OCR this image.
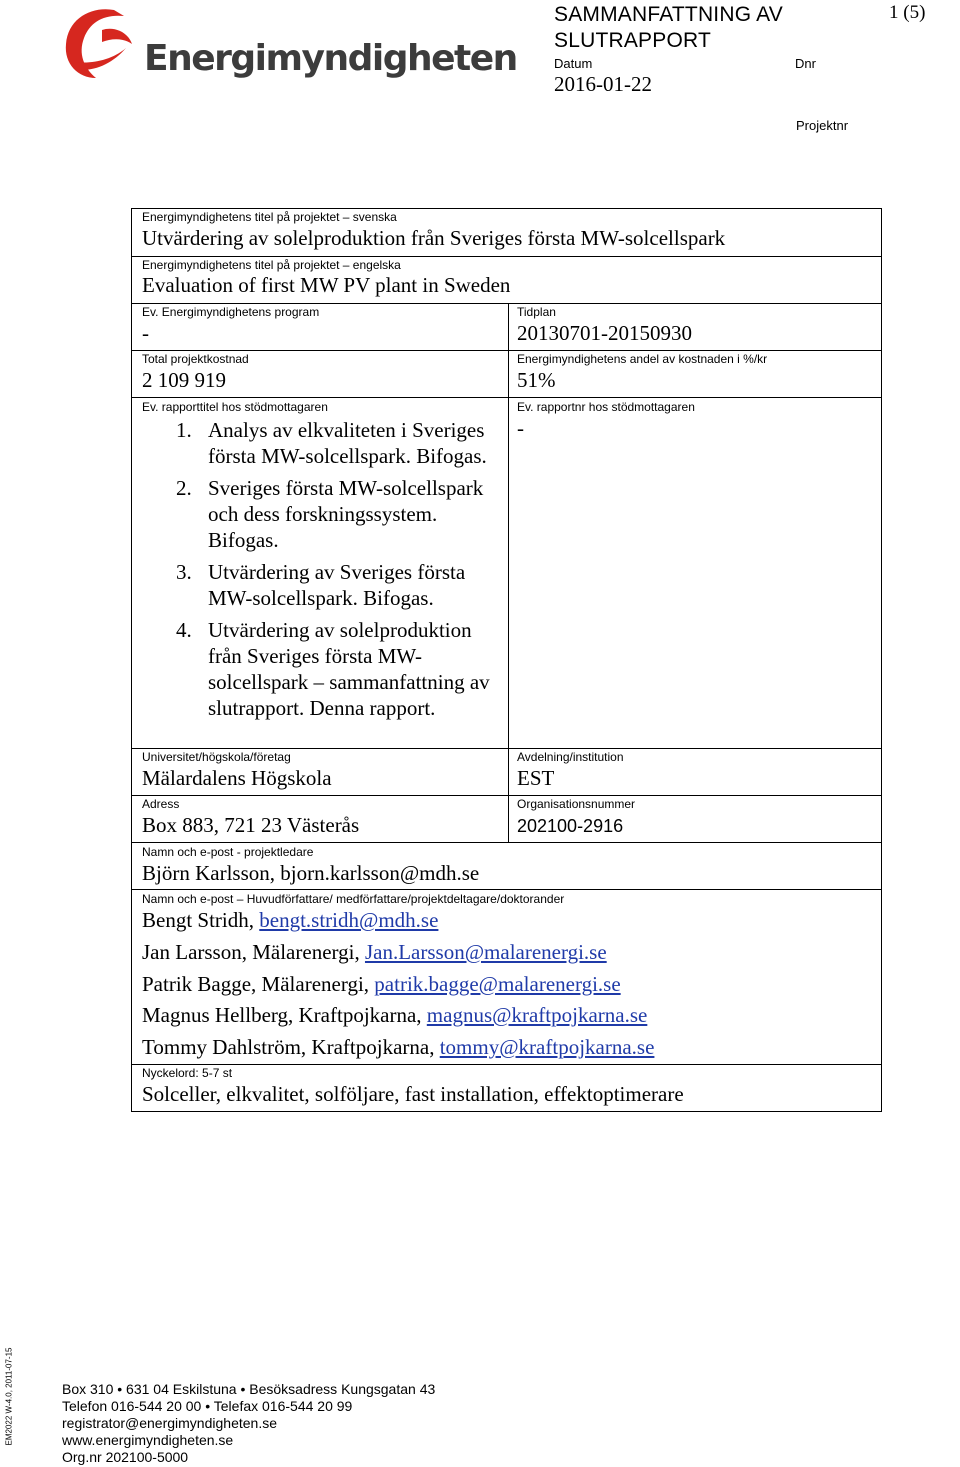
Energimyndigheten
SAMMANFATTNING AV SLUTRAPPORT
1 (5)
Datum	Dnr
2016-01-22
Projektnr
Energimyndighetens titel på projektet – svenska
Utvärdering av solelproduktion från Sveriges första MW-solcellspark
Energimyndighetens titel på projektet – engelska
Evaluation of first MW PV plant in Sweden
Ev. Energimyndighetens program
-
Tidplan
20130701-20150930
Total projektkostnad
2 109 919
Energimyndighetens andel av kostnaden i %/kr
51%
Ev. rapporttitel hos stödmottagaren
1. Analys av elkvaliteten i Sveriges första MW-solcellspark. Bifogas.
2. Sveriges första MW-solcellspark och dess forskningssystem. Bifogas.
3. Utvärdering av Sveriges första MW-solcellspark. Bifogas.
4. Utvärdering av solelproduktion från Sveriges första MW-solcellspark – sammanfattning av slutrapport. Denna rapport.
Ev. rapportnr hos stödmottagaren
-
Universitet/högskola/företag
Mälardalens Högskola
Avdelning/institution
EST
Adress
Box 883, 721 23 Västerås
Organisationsnummer
202100-2916
Namn och e-post - projektledare
Björn Karlsson, bjorn.karlsson@mdh.se
Namn och e-post – Huvudförfattare/ medförfattare/projektdeltagare/doktorander
Bengt Stridh, bengt.stridh@mdh.se
Jan Larsson, Mälarenergi, Jan.Larsson@malarenergi.se
Patrik Bagge, Mälarenergi, patrik.bagge@malarenergi.se
Magnus Hellberg, Kraftpojkarna, magnus@kraftpojkarna.se
Tommy Dahlström, Kraftpojkarna, tommy@kraftpojkarna.se
Nyckelord: 5-7 st
Solceller, elkvalitet, solföljare, fast installation, effektoptimerare
EM2022 W-4.0, 2011-07-15	Box 310 • 631 04 Eskilstuna • Besöksadress Kungsgatan 43
Telefon 016-544 20 00 • Telefax 016-544 20 99
registrator@energimyndigheten.se
www.energimyndigheten.se
Org.nr 202100-5000
